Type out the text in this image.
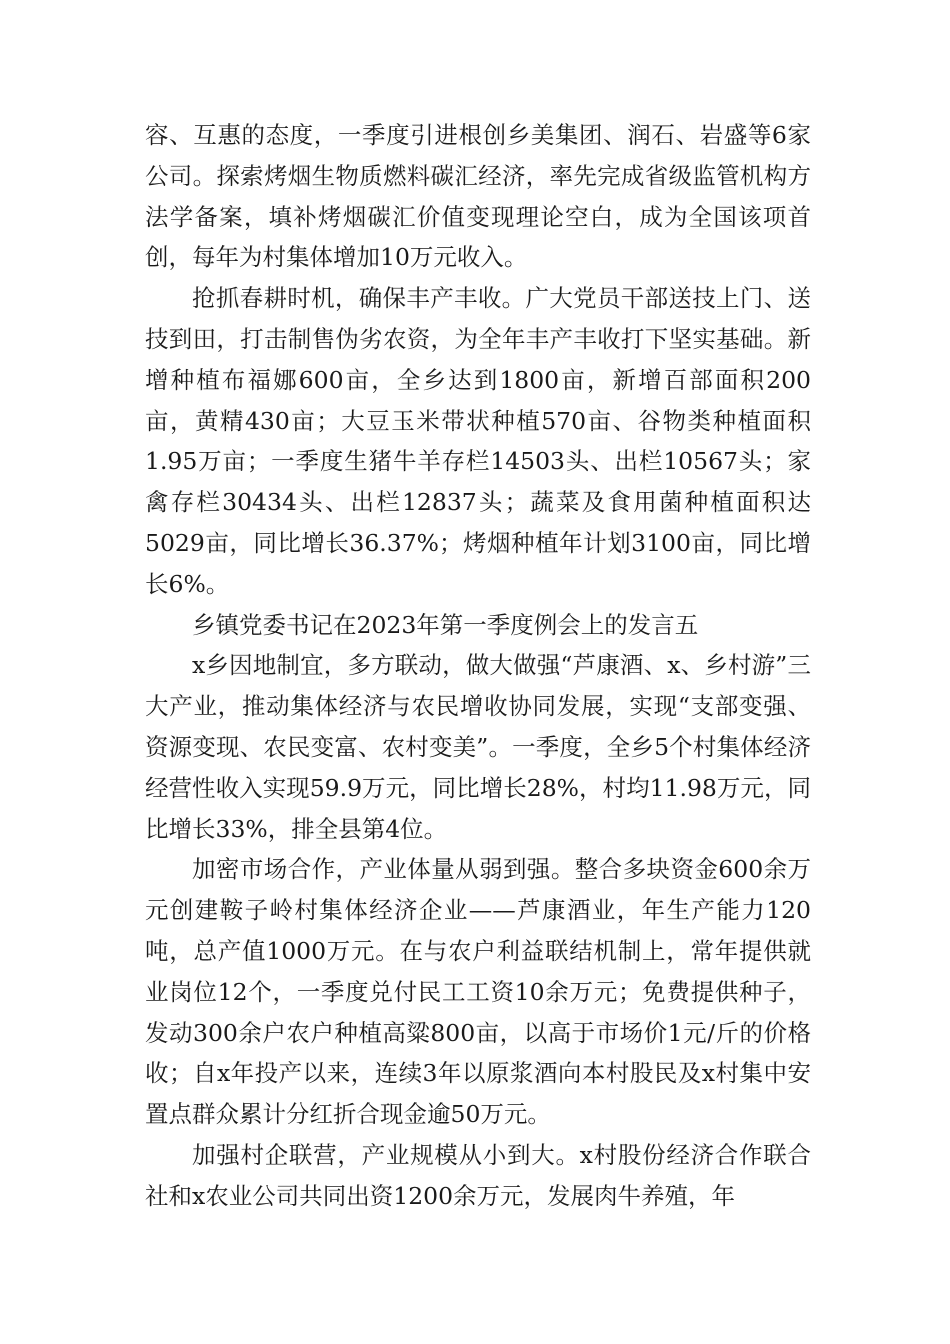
容、互惠的态度，一季度引进根创乡美集团、润石、岩盛等6家公司。探索烤烟生物质燃料碳汇经济，率先完成省级监管机构方法学备案，填补烤烟碳汇价值变现理论空白，成为全国该项首创，每年为村集体增加10万元收入。

抢抓春耕时机，确保丰产丰收。广大党员干部送技上门、送技到田，打击制售伪劣农资，为全年丰产丰收打下坚实基础。新增种植布福娜600亩，全乡达到1800亩，新增百部面积200亩，黄精430亩；大豆玉米带状种植570亩、谷物类种植面积1.95万亩；一季度生猪牛羊存栏14503头、出栏10567头；家禽存栏30434头、出栏12837头；蔬菜及食用菌种植面积达5029亩，同比增长36.37%；烤烟种植年计划3100亩，同比增长6%。

乡镇党委书记在2023年第一季度例会上的发言五

x乡因地制宜，多方联动，做大做强“芦康酒、x、乡村游”三大产业，推动集体经济与农民增收协同发展，实现“支部变强、资源变现、农民变富、农村变美”。一季度，全乡5个村集体经济经营性收入实现59.9万元，同比增长28%，村均11.98万元，同比增长33%，排全县第4位。

加密市场合作，产业体量从弱到强。整合多块资金600余万元创建鞍子岭村集体经济企业——芦康酒业，年生产能力120吨，总产值1000万元。在与农户利益联结机制上，常年提供就业岗位12个，一季度兑付民工工资10余万元；免费提供种子，发动300余户农户种植高粱800亩，以高于市场价1元/斤的价格收；自x年投产以来，连续3年以原浆酒向本村股民及x村集中安置点群众累计分红折合现金逾50万元。

加强村企联营，产业规模从小到大。x村股份经济合作联合社和x农业公司共同出资1200余万元，发展肉牛养殖，年
